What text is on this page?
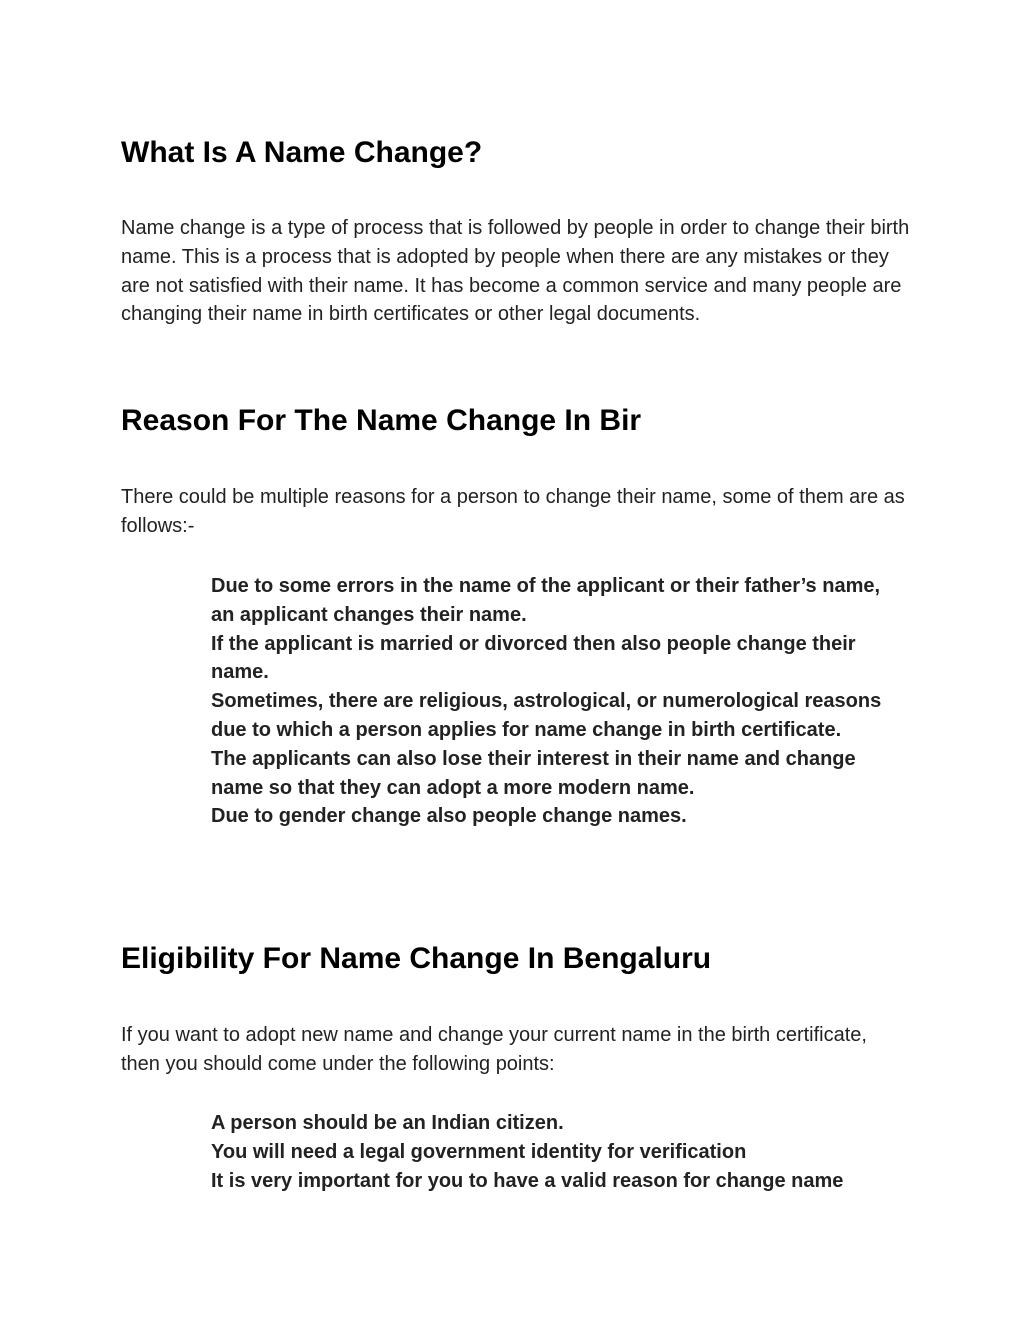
What Is A Name Change?

Name change is a type of process that is followed by people in order to change their birth name. This is a process that is adopted by people when there are any mistakes or they are not satisfied with their name. It has become a common service and many people are changing their name in birth certificates or other legal documents.

Reason For The Name Change In Bir

There could be multiple reasons for a person to change their name, some of them are as follows:-

Due to some errors in the name of the applicant or their father’s name, an applicant changes their name.
If the applicant is married or divorced then also people change their name.
Sometimes, there are religious, astrological, or numerological reasons due to which a person applies for name change in birth certificate.
The applicants can also lose their interest in their name and change name so that they can adopt a more modern name.
Due to gender change also people change names.
Eligibility For Name Change In Bengaluru

If you want to adopt new name and change your current name in the birth certificate, then you should come under the following points:

A person should be an Indian citizen.
You will need a legal government identity for verification
It is very important for you to have a valid reason for change name
